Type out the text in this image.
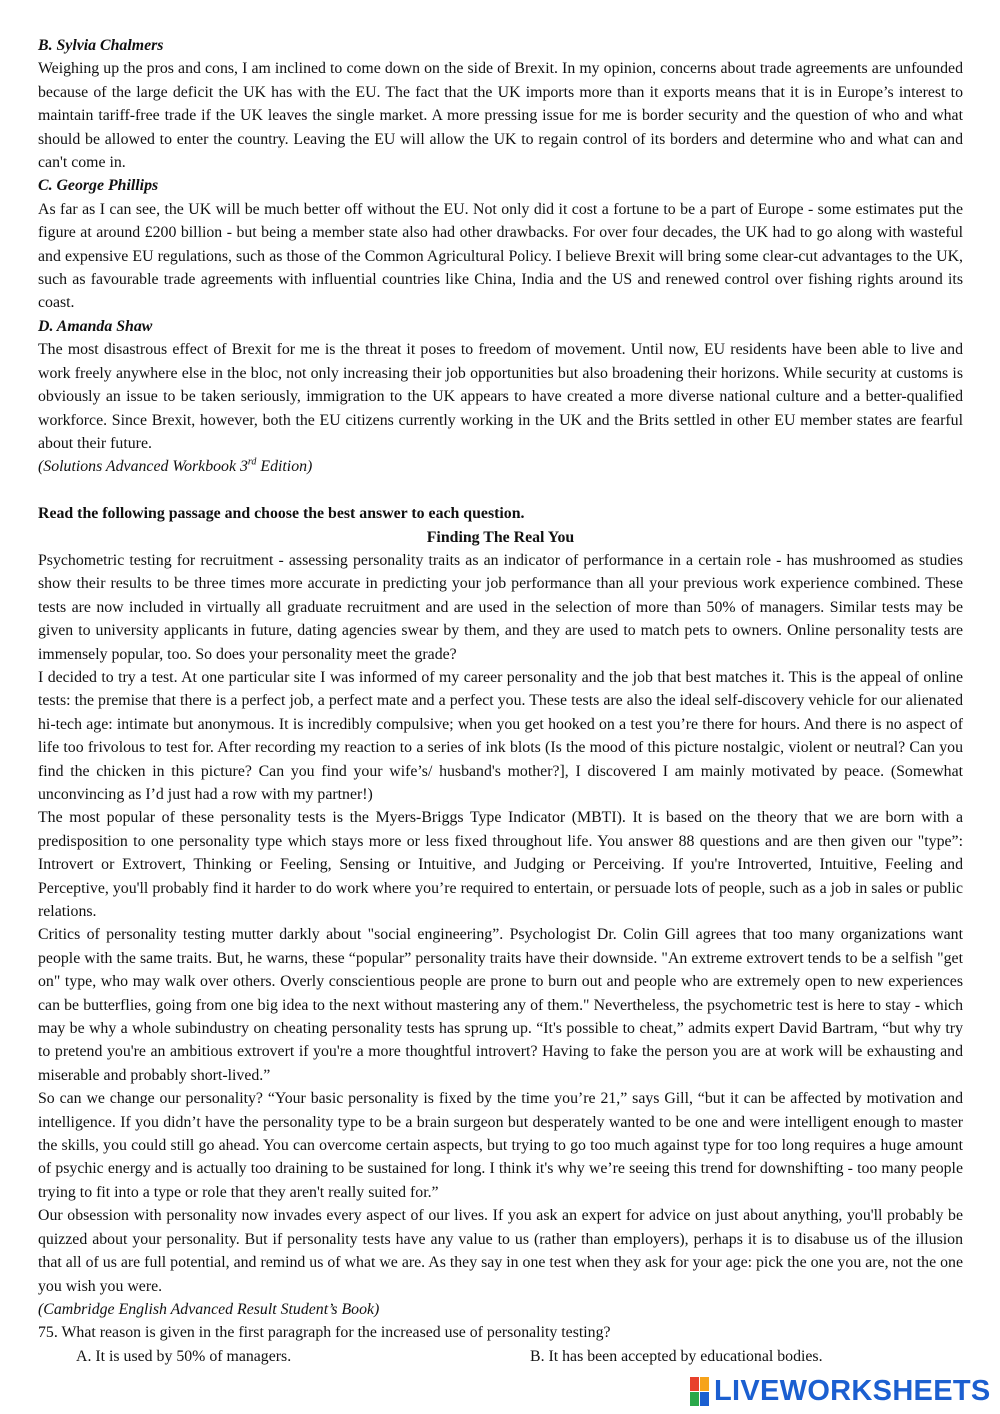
B. Sylvia Chalmers

Weighing up the pros and cons, I am inclined to come down on the side of Brexit. In my opinion, concerns about trade agreements are unfounded because of the large deficit the UK has with the EU. The fact that the UK imports more than it exports means that it is in Europe’s interest to maintain tariff-free trade if the UK leaves the single market. A more pressing issue for me is border security and the question of who and what should be allowed to enter the country. Leaving the EU will allow the UK to regain control of its borders and determine who and what can and can't come in.

C. George Phillips

As far as I can see, the UK will be much better off without the EU. Not only did it cost a fortune to be a part of Europe - some estimates put the figure at around £200 billion - but being a member state also had other drawbacks. For over four decades, the UK had to go along with wasteful and expensive EU regulations, such as those of the Common Agricultural Policy. I believe Brexit will bring some clear-cut advantages to the UK, such as favourable trade agreements with influential countries like China, India and the US and renewed control over fishing rights around its coast.

D. Amanda Shaw

The most disastrous effect of Brexit for me is the threat it poses to freedom of movement. Until now, EU residents have been able to live and work freely anywhere else in the bloc, not only increasing their job opportunities but also broadening their horizons. While security at customs is obviously an issue to be taken seriously, immigration to the UK appears to have created a more diverse national culture and a better-qualified workforce. Since Brexit, however, both the EU citizens currently working in the UK and the Brits settled in other EU member states are fearful about their future.

(Solutions Advanced Workbook 3rd Edition)

Read the following passage and choose the best answer to each question.

Finding The Real You

Psychometric testing for recruitment - assessing personality traits as an indicator of performance in a certain role - has mushroomed as studies show their results to be three times more accurate in predicting your job performance than all your previous work experience combined. These tests are now included in virtually all graduate recruitment and are used in the selection of more than 50% of managers. Similar tests may be given to university applicants in future, dating agencies swear by them, and they are used to match pets to owners. Online personality tests are immensely popular, too. So does your personality meet the grade?

I decided to try a test. At one particular site I was informed of my career personality and the job that best matches it. This is the appeal of online tests: the premise that there is a perfect job, a perfect mate and a perfect you. These tests are also the ideal self-discovery vehicle for our alienated hi-tech age: intimate but anonymous. It is incredibly compulsive; when you get hooked on a test you’re there for hours. And there is no aspect of life too frivolous to test for. After recording my reaction to a series of ink blots (Is the mood of this picture nostalgic, violent or neutral? Can you find the chicken in this picture? Can you find your wife’s/ husband's mother?], I discovered I am mainly motivated by peace. (Somewhat unconvincing as I’d just had a row with my partner!)

The most popular of these personality tests is the Myers-Briggs Type Indicator (MBTI). It is based on the theory that we are born with a predisposition to one personality type which stays more or less fixed throughout life. You answer 88 questions and are then given our "type”: Introvert or Extrovert, Thinking or Feeling, Sensing or Intuitive, and Judging or Perceiving. If you're Introverted, Intuitive, Feeling and Perceptive, you'll probably find it harder to do work where you’re required to entertain, or persuade lots of people, such as a job in sales or public relations.

Critics of personality testing mutter darkly about "social engineering”. Psychologist Dr. Colin Gill agrees that too many organizations want people with the same traits. But, he warns, these “popular” personality traits have their downside. "An extreme extrovert tends to be a selfish "get on" type, who may walk over others. Overly conscientious people are prone to burn out and people who are extremely open to new experiences can be butterflies, going from one big idea to the next without mastering any of them." Nevertheless, the psychometric test is here to stay - which may be why a whole subindustry on cheating personality tests has sprung up. “It's possible to cheat,” admits expert David Bartram, “but why try to pretend you're an ambitious extrovert if you're a more thoughtful introvert? Having to fake the person you are at work will be exhausting and miserable and probably short-lived.”

So can we change our personality? “Your basic personality is fixed by the time you’re 21,” says Gill, “but it can be affected by motivation and intelligence. If you didn’t have the personality type to be a brain surgeon but desperately wanted to be one and were intelligent enough to master the skills, you could still go ahead. You can overcome certain aspects, but trying to go too much against type for too long requires a huge amount of psychic energy and is actually too draining to be sustained for long. I think it's why we’re seeing this trend for downshifting - too many people trying to fit into a type or role that they aren't really suited for.”

Our obsession with personality now invades every aspect of our lives. If you ask an expert for advice on just about anything, you'll probably be quizzed about your personality. But if personality tests have any value to us (rather than employers), perhaps it is to disabuse us of the illusion that all of us are full potential, and remind us of what we are. As they say in one test when they ask for your age: pick the one you are, not the one you wish you were.

(Cambridge English Advanced Result Student’s Book)

75. What reason is given in the first paragraph for the increased use of personality testing?

A. It is used by 50% of managers.	B. It has been accepted by educational bodies.
LIVEWORKSHEETS
